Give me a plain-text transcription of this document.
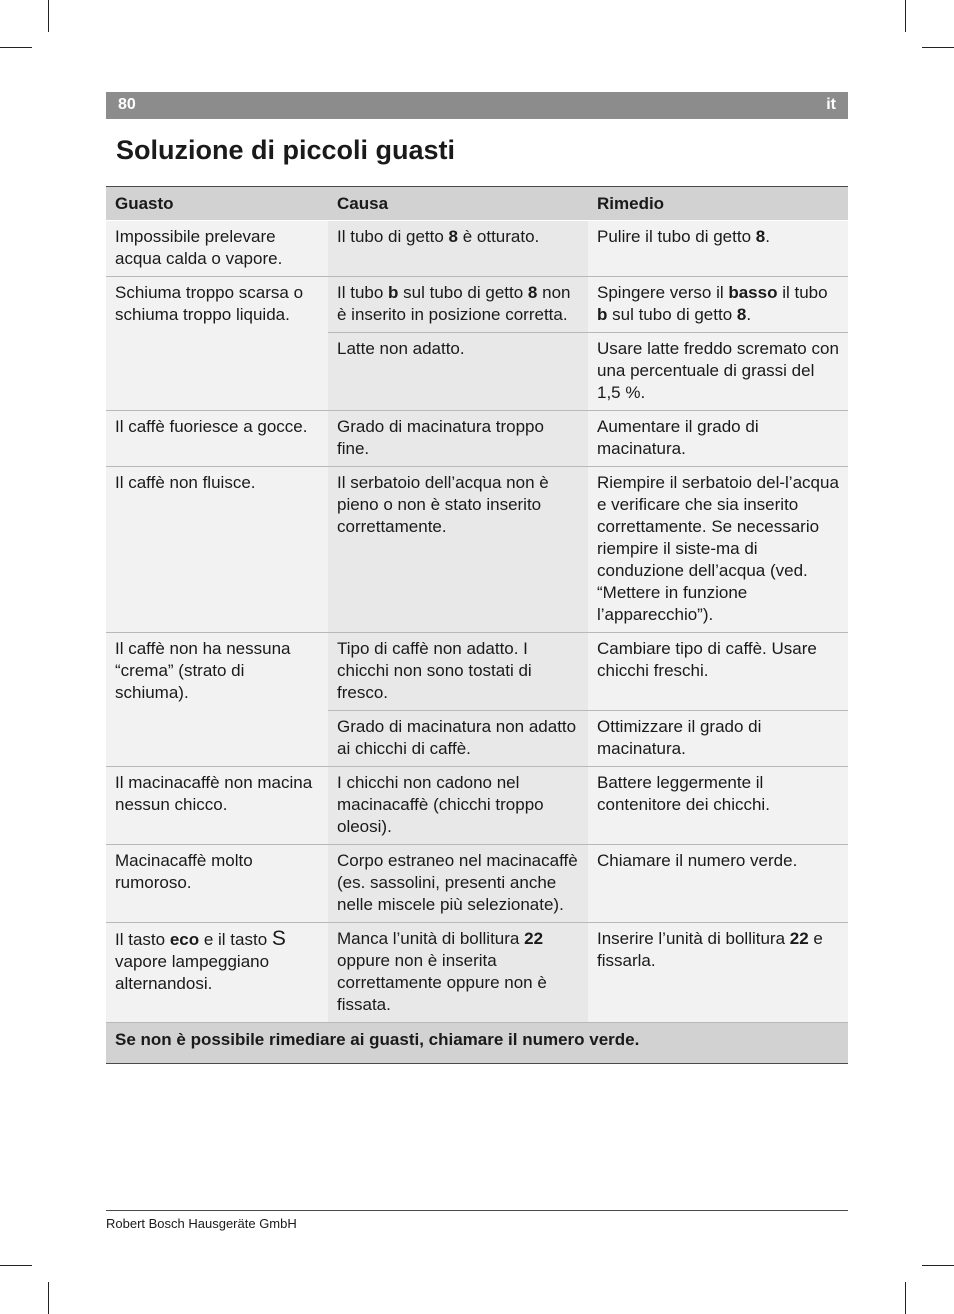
80	it
Soluzione di piccoli guasti
Guasto	Causa	Rimedio
Impossibile prelevare acqua calda o vapore.	Il tubo di getto 8 è otturato.	Pulire il tubo di getto 8.
Schiuma troppo scarsa o schiuma troppo liquida.	Il tubo b sul tubo di getto 8 non è inserito in posizione corretta.	Spingere verso il basso il tubo b sul tubo di getto 8.
	Latte non adatto.	Usare latte freddo scremato con una percentuale di grassi del 1,5 %.
Il caffè fuoriesce a gocce.	Grado di macinatura troppo fine.	Aumentare il grado di macinatura.
Il caffè non fluisce.	Il serbatoio dell’acqua non è pieno o non è stato inserito correttamente.	Riempire il serbatoio del-l’acqua e verificare che sia inserito correttamente. Se necessario riempire il siste-ma di conduzione dell’acqua (ved. “Mettere in funzione l’apparecchio”).
Il caffè non ha nessuna “crema” (strato di schiuma).	Tipo di caffè non adatto. I chicchi non sono tostati di fresco.	Cambiare tipo di caffè. Usare chicchi freschi.
	Grado di macinatura non adatto ai chicchi di caffè.	Ottimizzare il grado di macinatura.
Il macinacaffè non macina nessun chicco.	I chicchi non cadono nel macinacaffè (chicchi troppo oleosi).	Battere leggermente il contenitore dei chicchi.
Macinacaffè molto rumoroso.	Corpo estraneo nel macinacaffè (es. sassolini, presenti anche nelle miscele più selezionate).	Chiamare il numero verde.
Il tasto eco e il tasto S vapore lampeggiano alternandosi.	Manca l’unità di bollitura 22 oppure non è inserita correttamente oppure non è fissata.	Inserire l’unità di bollitura 22 e fissarla.
Se non è possibile rimediare ai guasti, chiamare il numero verde.		
Robert Bosch Hausgeräte GmbH
